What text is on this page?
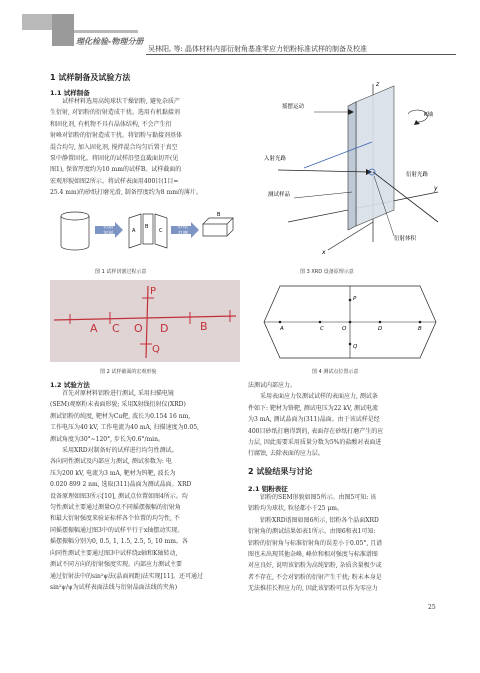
理化检验-物理分册
吴林阳, 等: 晶体材料内部衍射角基准零应力铝粉标准试样的制备及校准
1 试样制备及试验方法
1.1 试样制备
试样材料选用高纯球状干燥铝粉, 避免杂质产
生衍射, 对铝粉的衍射造成干扰。选用有机黏接剂
和固化剂, 有机物不具有晶体结构, 不会产生衍
射峰对铝粉的衍射造成干扰。将铝粉与黏接剂基体
混合均匀, 加入固化剂, 搅拌混合均匀后置于真空
泵中静置固化。将固化的试样沿竖直截面切开(见
图1), 保留厚度约为10 mm的试样B。试样截面的
宏观形貌如图2所示。将试样表面用400目(1目=
25.4 mm)的砂纸打磨光滑, 制备厚度约为8 mm的薄片。
切割
加剂	A
B
C
砂纸
打磨
B
图 1 试样切割过程示意
P
A C O D	B
Q
图 2 试样截面的宏观形貌
1.2 试验方法
首先对原材料铝粉进行测试, 采用扫描电镜
(SEM)观察粉末表面形貌; 采用X射线衍射仪(XRD)
测试铝粉的纯度, 靶材为Cu靶, 波长为0.154 16 nm,
工作电压为40 kV, 工作电流为40 mA, 扫描速度为0.05,
测试角度为30°~120°, 步长为0.6°/min。
采用XRD对制备好的试样进行均匀性测试。
各向同性测试及内部应力测试, 测试参数为: 电
压为200 kV, 电流为3 mA, 靶材为钨靶, 波长为
0.020 899 2 nm, 选取(311)晶面为测试晶面。XRD
设备原理如图3所示[10], 测试点位置如图4所示。均
匀性测试主要通过测量O点不同摇摆振幅的衍射角
和最大衍射强度来验证标样各个位置的均匀性, 不
同摇摆振幅通过图3中的试样平行于x轴摆动实现。
摇摆振幅分别为0, 0.5, 1, 1.5, 2.5, 5, 10 mm。各
向同性测试主要通过图3中试样绕z轴和K轴转动,
测试不同方向的衍射强度实现。内部应力测试主要
通过衍射法中的sin²ψ法(晶面间距)法实现[11]。还可通过
sin²ψ/ψ为试样表面法线与衍射晶面法线的夹角)
z
y
x
K轴
摇摆运动
入射光路
衍射光路
测试样品
衍射体积
图 3 XRD 设备原理示意
P
A	C	O	D	B
Q
图 4 测试点位置示意
法测试内部应力。
采用表面应力仪测试试样的表面应力, 测试条
件如下: 靶材为铬靶, 测试电压为22 kV, 测试电流
为3 mA, 测试晶面为(311)晶面。由于该试样是经
400目砂纸打磨得到的, 表面存在砂纸打磨产生的应
力层, 因此需要采用质量分数为5%的盐酸对表面进
行腐蚀, 去除表面的应力层。
2 试验结果与讨论
2.1 铝粉表征
铝粉的SEM形貌如图5所示。由图5可知: 该
铝粉均为球状, 粒径都小于25 μm。
铝粉XRD谱图如图6所示, 铝粉各个晶面XRD
衍射角的测试结果如表1所示。由图6和表1可知:
铝粉的衍射角与标准衍射角的误差小于0.05°, 且谱
图也未出现其他杂峰, 峰位和相对强度与标准谱图
对应良好, 说明该铝粉为高纯铝粉, 杂质含量极少或
者不存在, 不会对铝粉的衍射产生干扰; 粉末本身是
无法推挂长程应力的, 因此该铝粉可以作为零应力
25
